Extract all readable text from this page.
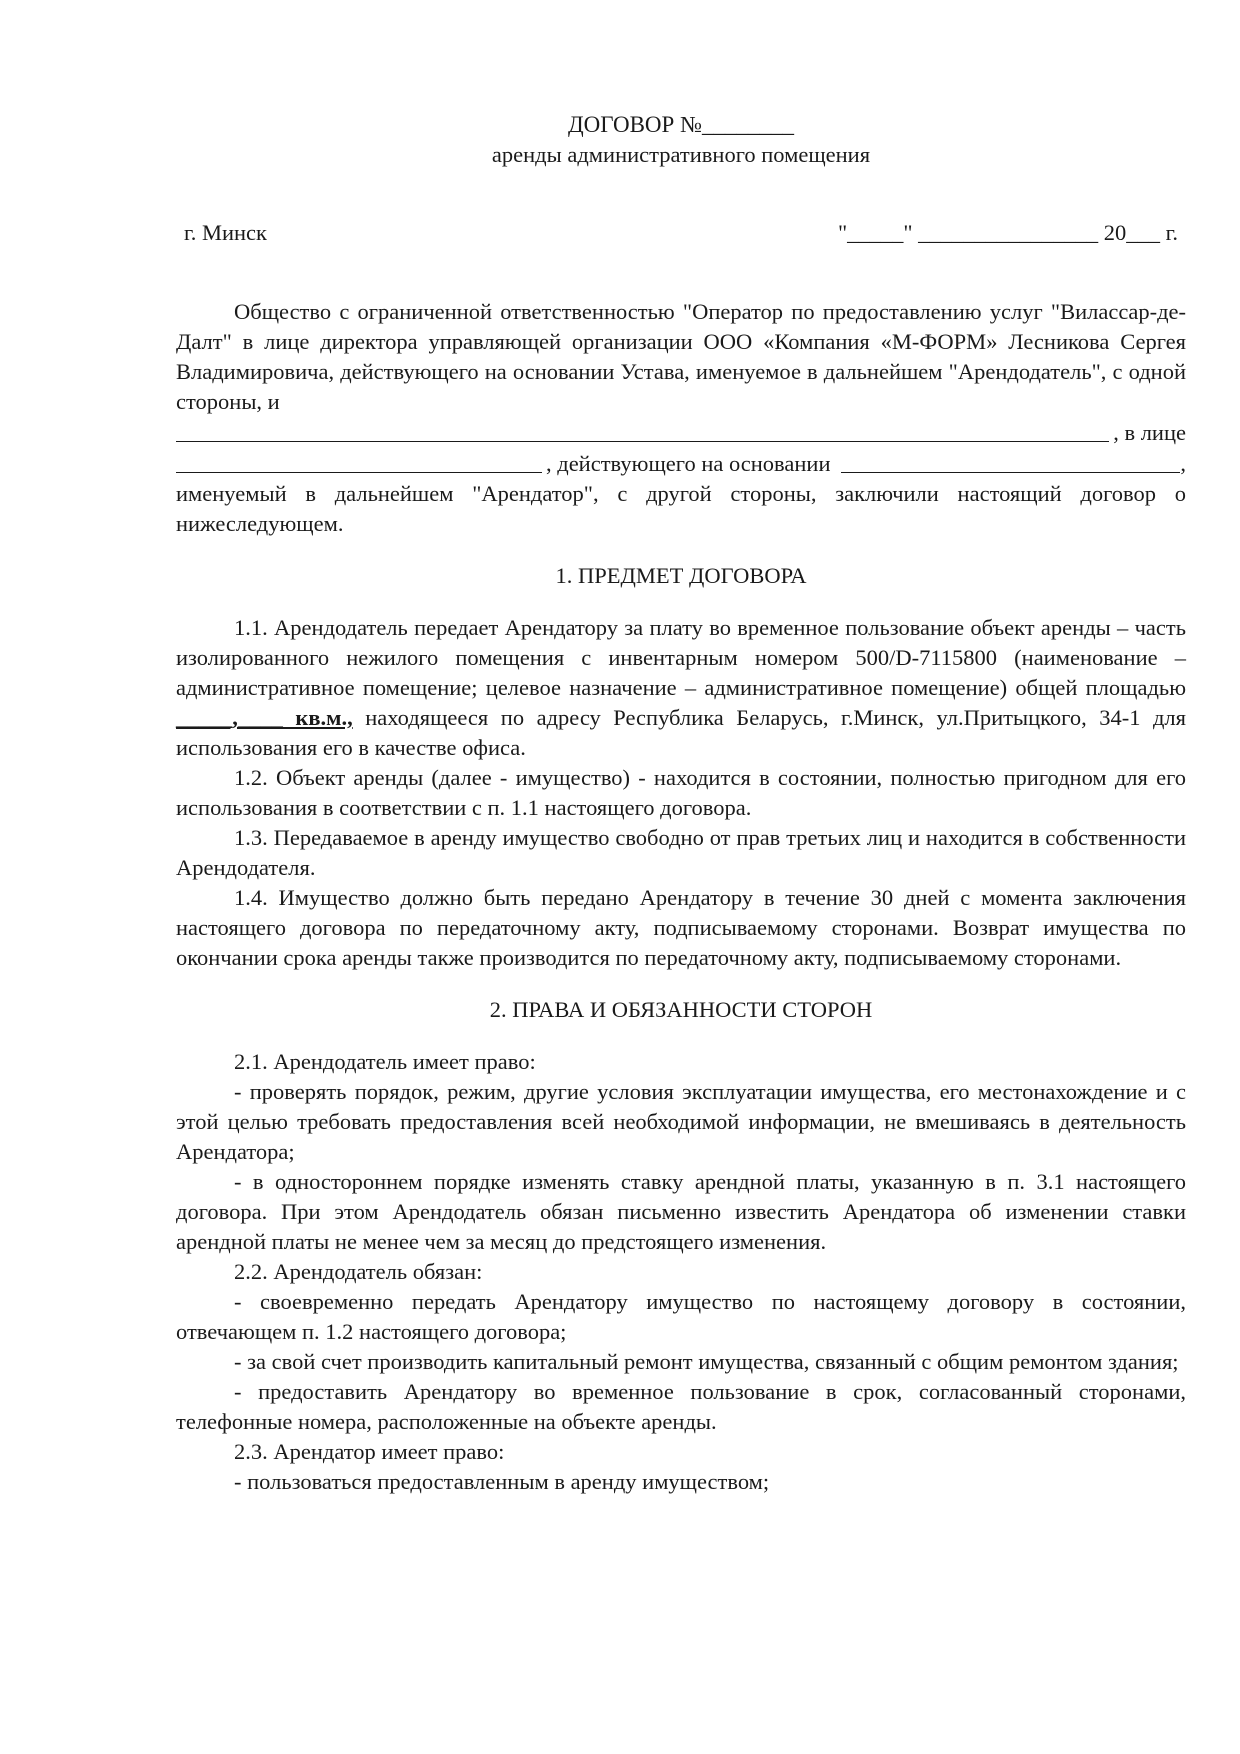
ДОГОВОР №________

аренды административного помещения

г. Минск	"_____" ________________ 20___ г.

Общество с ограниченной ответственностью "Оператор по предоставлению услуг "Виласcар-де-Далт" в лице директора управляющей организации ООО «Компания «М-ФОРМ» Лесникова Сергея Владимировича, действующего на основании Устава, именуемое в дальнейшем "Арендодатель", с одной стороны, и

, в лице
, действующего на основании	,

именуемый в дальнейшем "Арендатор", с другой стороны, заключили настоящий договор о нижеследующем.

1. ПРЕДМЕТ ДОГОВОРА

1.1. Арендодатель передает Арендатору за плату во временное пользование объект аренды – часть изолированного нежилого помещения с инвентарным номером 500/D-7115800 (наименование – административное помещение; целевое назначение – административное помещение) общей площадью _____,____ кв.м., находящееся по адресу Республика Беларусь, г.Минск, ул.Притыцкого, 34-1 для использования его в качестве офиса.

1.2. Объект аренды (далее - имущество) - находится в состоянии, полностью пригодном для его использования в соответствии с п. 1.1 настоящего договора.

1.3. Передаваемое в аренду имущество свободно от прав третьих лиц и находится в собственности Арендодателя.

1.4. Имущество должно быть передано Арендатору в течение 30 дней с момента заключения настоящего договора по передаточному акту, подписываемому сторонами. Возврат имущества по окончании срока аренды также производится по передаточному акту, подписываемому сторонами.

2. ПРАВА И ОБЯЗАННОСТИ СТОРОН

2.1. Арендодатель имеет право:

- проверять порядок, режим, другие условия эксплуатации имущества, его местонахождение и с этой целью требовать предоставления всей необходимой информации, не вмешиваясь в деятельность Арендатора;

- в одностороннем порядке изменять ставку арендной платы, указанную в п. 3.1 настоящего договора. При этом Арендодатель обязан письменно известить Арендатора об изменении ставки арендной платы не менее чем за месяц до предстоящего изменения.

2.2. Арендодатель обязан:

- своевременно передать Арендатору имущество по настоящему договору в состоянии, отвечающем п. 1.2 настоящего договора;

- за свой счет производить капитальный ремонт имущества, связанный с общим ремонтом здания;

- предоставить Арендатору во временное пользование в срок, согласованный сторонами, телефонные номера, расположенные на объекте аренды.

2.3. Арендатор имеет право:

- пользоваться предоставленным в аренду имуществом;
